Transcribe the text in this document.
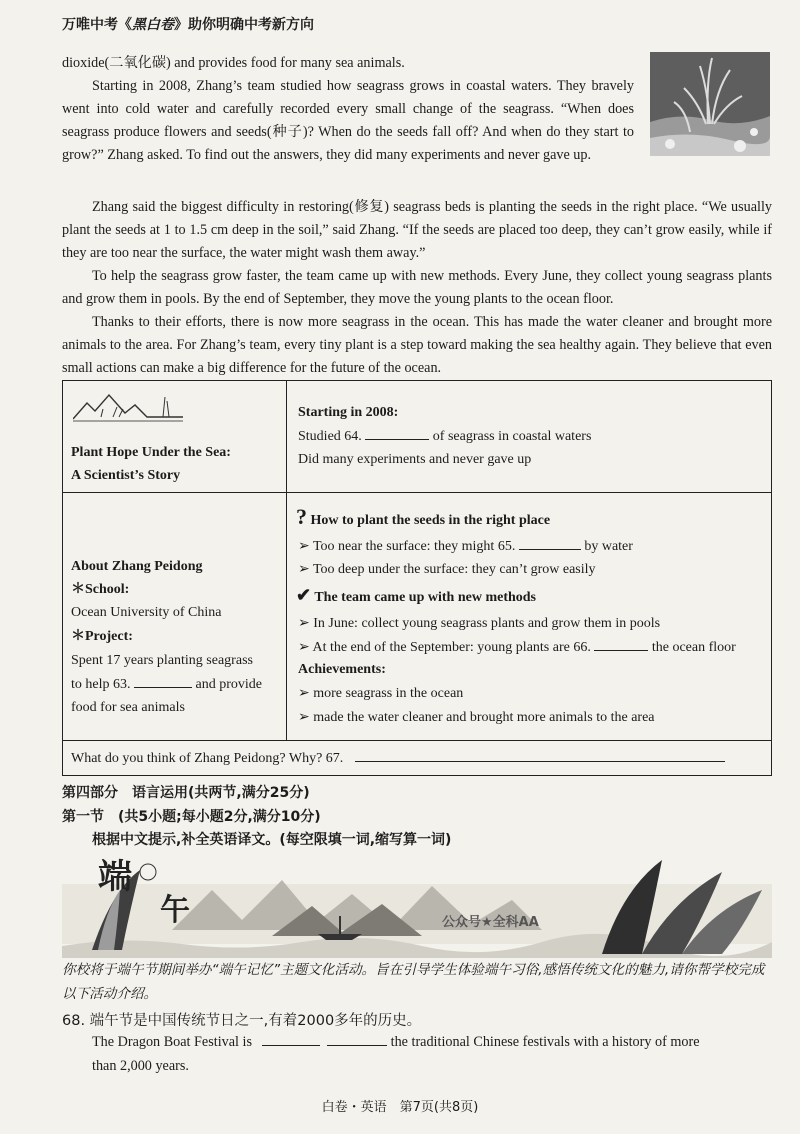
万唯中考《黑白卷》助你明确中考新方向
dioxide(二氧化碳) and provides food for many sea animals.
Starting in 2008, Zhang’s team studied how seagrass grows in coastal waters. They bravely went into cold water and carefully recorded every small change of the seagrass. “When does seagrass produce flowers and seeds(种子)? When do the seeds fall off? And when do they start to grow?” Zhang asked. To find out the answers, they did many experiments and never gave up.
Zhang said the biggest difficulty in restoring(修复) seagrass beds is planting the seeds in the right place. “We usually plant the seeds at 1 to 1.5 cm deep in the soil,” said Zhang. “If the seeds are placed too deep, they can’t grow easily, while if they are too near the surface, the water might wash them away.”
To help the seagrass grow faster, the team came up with new methods. Every June, they collect young seagrass plants and grow them in pools. By the end of September, they move the young plants to the ocean floor.
Thanks to their efforts, there is now more seagrass in the ocean. This has made the water cleaner and brought more animals to the area. For Zhang’s team, every tiny plant is a step toward making the sea healthy again. They believe that even small actions can make a big difference for the future of the ocean.
Plant Hope Under the Sea:
A Scientist’s Story
Starting in 2008:
Studied 64.	of seagrass in coastal waters
Did many experiments and never gave up
About Zhang Peidong
＊School:
Ocean University of China
＊Project:
Spent 17 years planting seagrass
to help 63.	and provide
food for sea animals
? How to plant the seeds in the right place
➢ Too near the surface: they might 65.	by water
➢ Too deep under the surface: they can’t grow easily
✔ The team came up with new methods
➢ In June: collect young seagrass plants and grow them in pools
➢ At the end of the September: young plants are 66.	the ocean floor
Achievements:
➢ more seagrass in the ocean
➢ made the water cleaner and brought more animals to the area
What do you think of Zhang Peidong? Why? 67.
第四部分　语言运用(共两节,满分25分)
第一节　(共5小题;每小题2分,满分10分)
根据中文提示,补全英语译文。(每空限填一词,缩写算一词)
端
午	公众号★全科AA
你校将于端午节期间举办“端午记忆”主题文化活动。旨在引导学生体验端午习俗,感悟传统文化的魅力,请你帮学校完成以下活动介绍。
68. 端午节是中国传统节日之一,有着2000多年的历史。
The Dragon Boat Festival is	the traditional Chinese festivals with a history of more
than 2,000 years.
白卷・英语　第7页(共8页)
